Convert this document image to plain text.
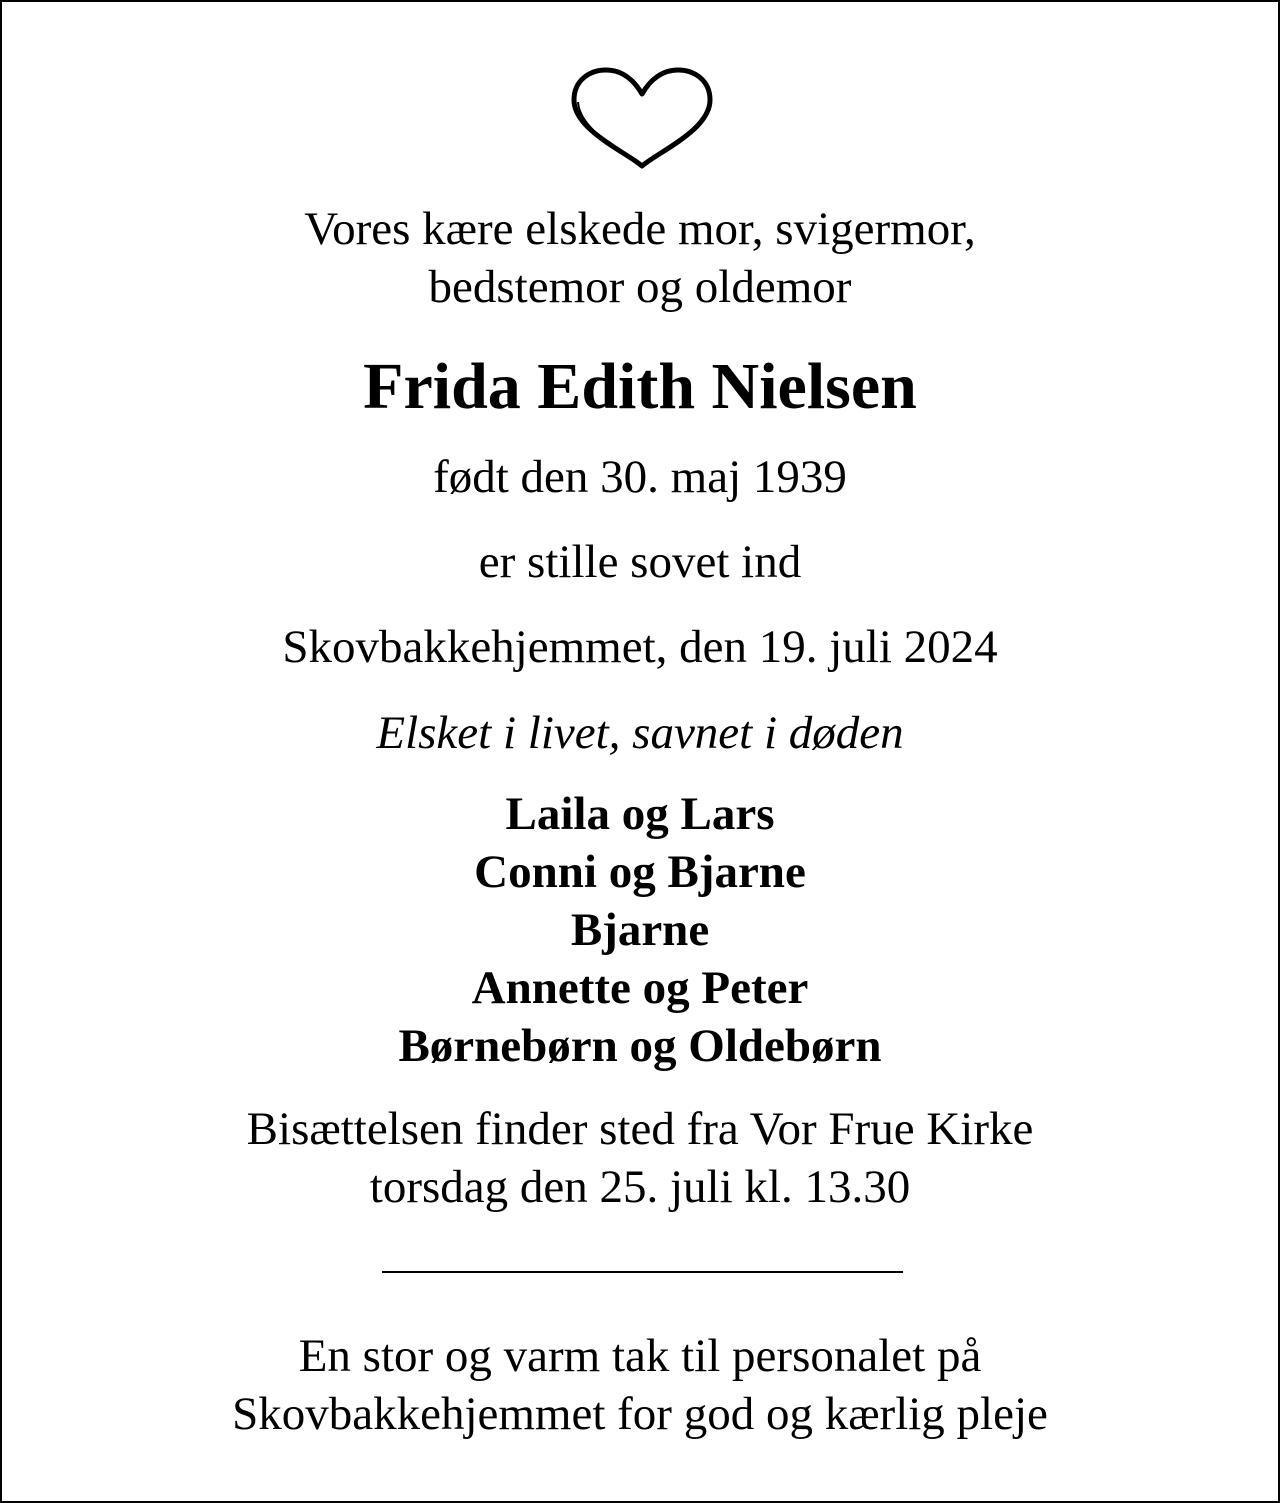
Vores kære elskede mor, svigermor,
bedstemor og oldemor
Frida Edith Nielsen
født den 30. maj 1939
er stille sovet ind
Skovbakkehjemmet, den 19. juli 2024
Elsket i livet, savnet i døden
Laila og Lars
Conni og Bjarne
Bjarne
Annette og Peter
Børnebørn og Oldebørn
Bisættelsen finder sted fra Vor Frue Kirke
torsdag den 25. juli kl. 13.30
En stor og varm tak til personalet på
Skovbakkehjemmet for god og kærlig pleje
